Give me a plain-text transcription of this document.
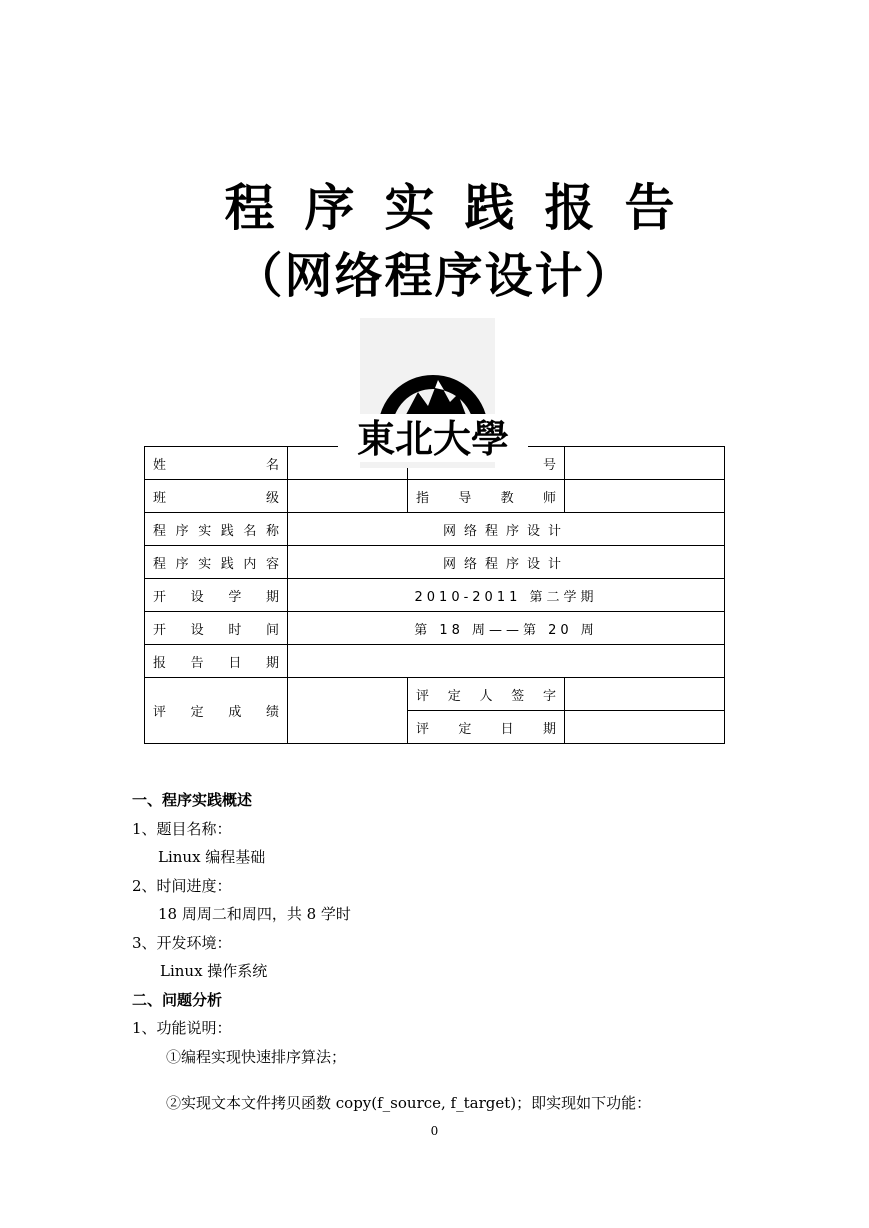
程序实践报告
（网络程序设计）
東北大學
姓名		号	
班级		指导教师	
程序实践名称	网络程序设计		
程序实践内容	网络程序设计		
开设学期	2010-2011 第二学期		
开设时间	第 18 周——第 20 周		
报告日期			
评定成绩		评定人签字	
		评定日期	
一、程序实践概述
1、题目名称：
Linux 编程基础
2、时间进度：
18 周周二和周四，共 8 学时
3、开发环境：
Linux 操作系统
二、问题分析
1、功能说明：
①编程实现快速排序算法；
②实现文本文件拷贝函数 copy(f_source, f_target)；即实现如下功能：
0
